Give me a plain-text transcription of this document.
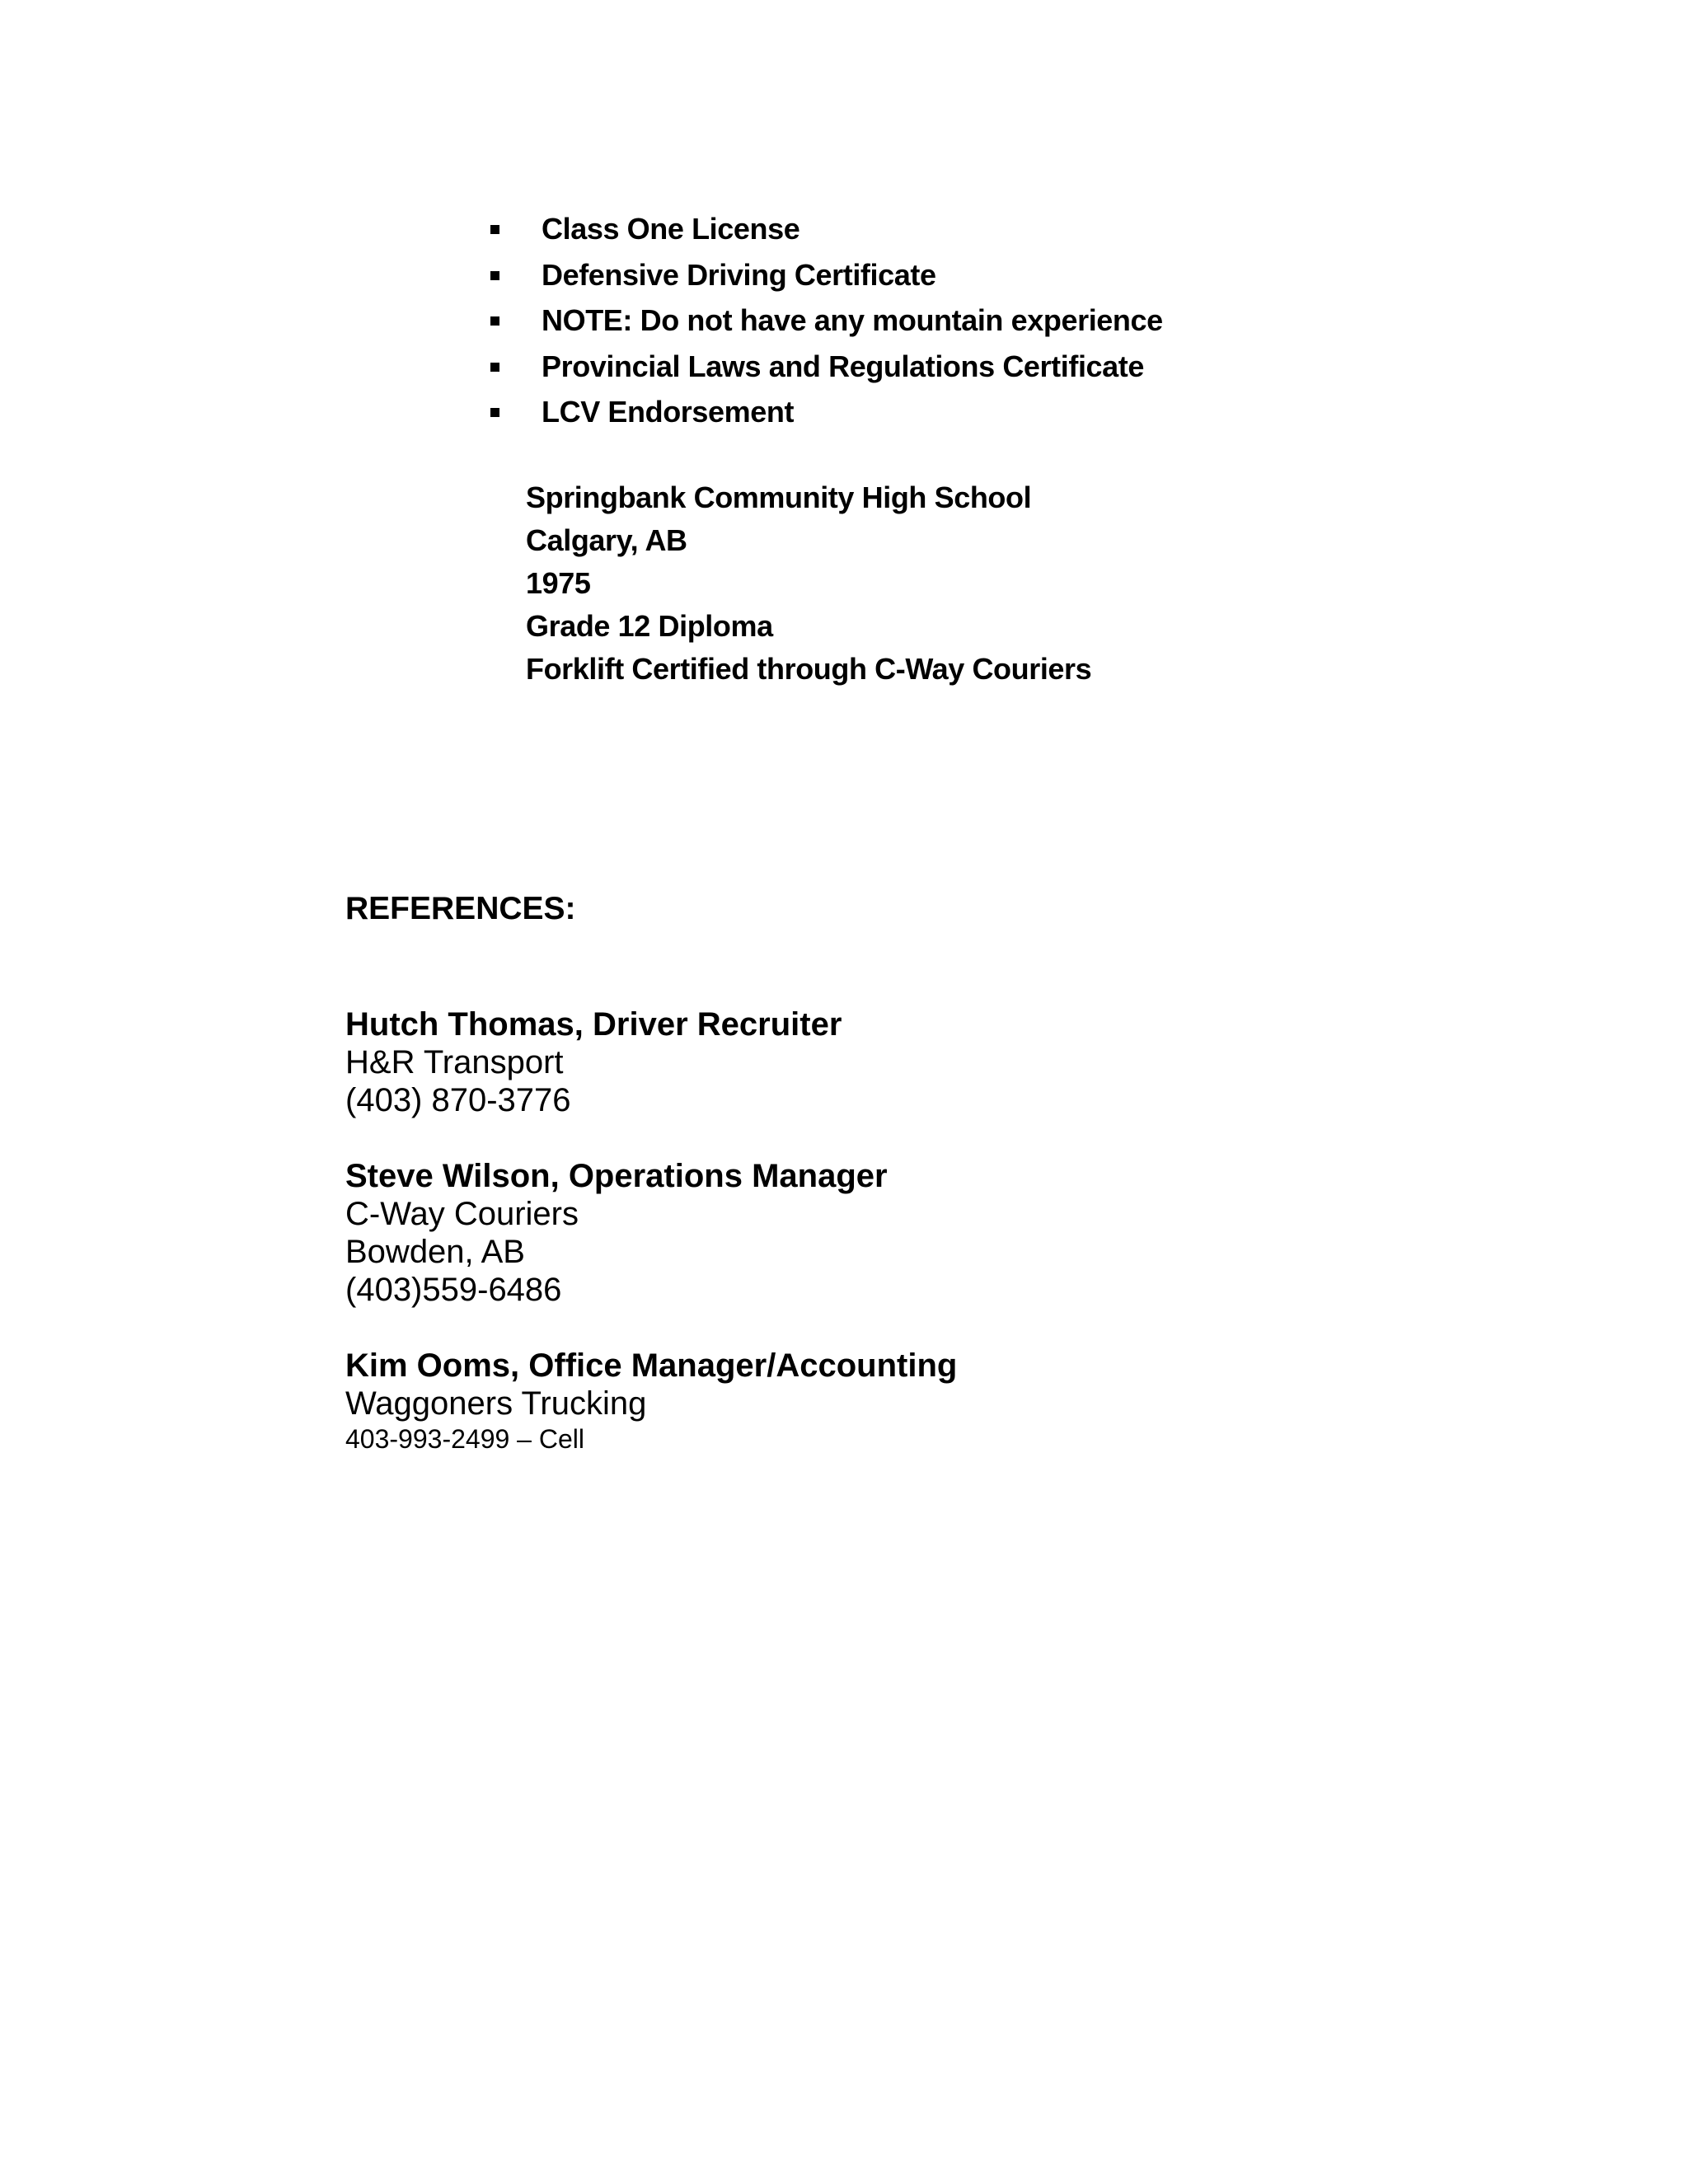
Class One License
Defensive Driving Certificate
NOTE: Do not have any mountain experience
Provincial Laws and Regulations Certificate
LCV Endorsement
Springbank Community High School
Calgary, AB
1975
Grade 12 Diploma
Forklift Certified through C-Way Couriers
REFERENCES:
Hutch Thomas, Driver Recruiter
H&R Transport
(403) 870-3776
Steve Wilson, Operations Manager
C-Way Couriers
Bowden, AB
(403)559-6486
Kim Ooms, Office Manager/Accounting
Waggoners Trucking
403-993-2499 – Cell
